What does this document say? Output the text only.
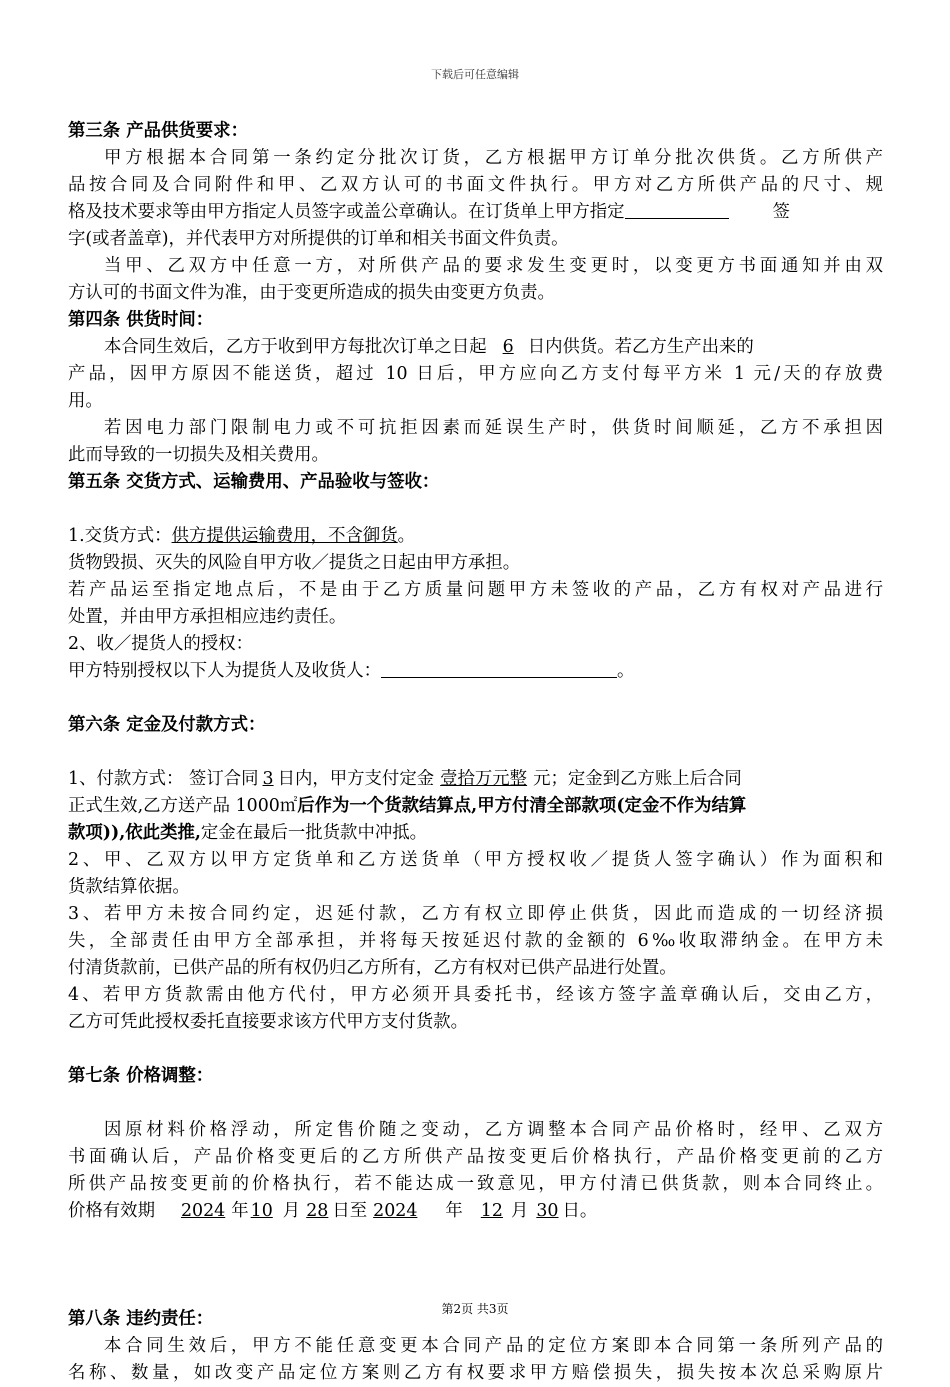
下载后可任意编辑
第三条 产品供货要求：
甲方根据本合同第一条约定分批次订货，乙方根据甲方订单分批次供货。乙方所供产
品按合同及合同附件和甲、乙双方认可的书面文件执行。甲方对乙方所供产品的尺寸、规
格及技术要求等由甲方指定人员签字或盖公章确认。在订货单上甲方指定	签
字(或者盖章)，并代表甲方对所提供的订单和相关书面文件负责。
当甲、乙双方中任意一方，对所供产品的要求发生变更时，以变更方书面通知并由双
方认可的书面文件为准，由于变更所造成的损失由变更方负责。
第四条 供货时间：
本合同生效后，乙方于收到甲方每批次订单之日起 6 日内供货。若乙方生产出来的
产品，因甲方原因不能送货，超过 10 日后，甲方应向乙方支付每平方米 1 元/天的存放费
用。
若因电力部门限制电力或不可抗拒因素而延误生产时，供货时间顺延，乙方不承担因
此而导致的一切损失及相关费用。
第五条 交货方式、运输费用、产品验收与签收：
1.交货方式：供方提供运输费用，不含御货。
货物毁损、灭失的风险自甲方收／提货之日起由甲方承担。
若产品运至指定地点后，不是由于乙方质量问题甲方未签收的产品，乙方有权对产品进行
处置，并由甲方承担相应违约责任。
2、收／提货人的授权：
甲方特别授权以下人为提货人及收货人：	。
第六条 定金及付款方式：
1、付款方式： 签订合同 3 日内，甲方支付定金 壹拾万元整 元；定金到乙方账上后合同
正式生效,乙方送产品 1000㎡后作为一个货款结算点,甲方付清全部款项(定金不作为结算
款项)),依此类推,定金在最后一批货款中冲抵。
2、甲、乙双方以甲方定货单和乙方送货单（甲方授权收／提货人签字确认）作为面积和
货款结算依据。
3、若甲方未按合同约定，迟延付款，乙方有权立即停止供货，因此而造成的一切经济损
失，全部责任由甲方全部承担，并将每天按延迟付款的金额的 6‰收取滞纳金。在甲方未
付清货款前，已供产品的所有权仍归乙方所有，乙方有权对已供产品进行处置。
4、若甲方货款需由他方代付，甲方必须开具委托书，经该方签字盖章确认后，交由乙方，
乙方可凭此授权委托直接要求该方代甲方支付货款。
第七条 价格调整：
因原材料价格浮动，所定售价随之变动，乙方调整本合同产品价格时，经甲、乙双方
书面确认后，产品价格变更后的乙方所供产品按变更后价格执行，产品价格变更前的乙方
所供产品按变更前的价格执行，若不能达成一致意见，甲方付清已供货款，则本合同终止。
价格有效期 2024 年 10 月 28 日至 2024 年 12 月 30 日。
第八条 违约责任：
本合同生效后，甲方不能任意变更本合同产品的定位方案即本合同第一条所列产品的
名称、数量，如改变产品定位方案则乙方有权要求甲方赔偿损失，损失按本次总采购原片
第2页 共3页
